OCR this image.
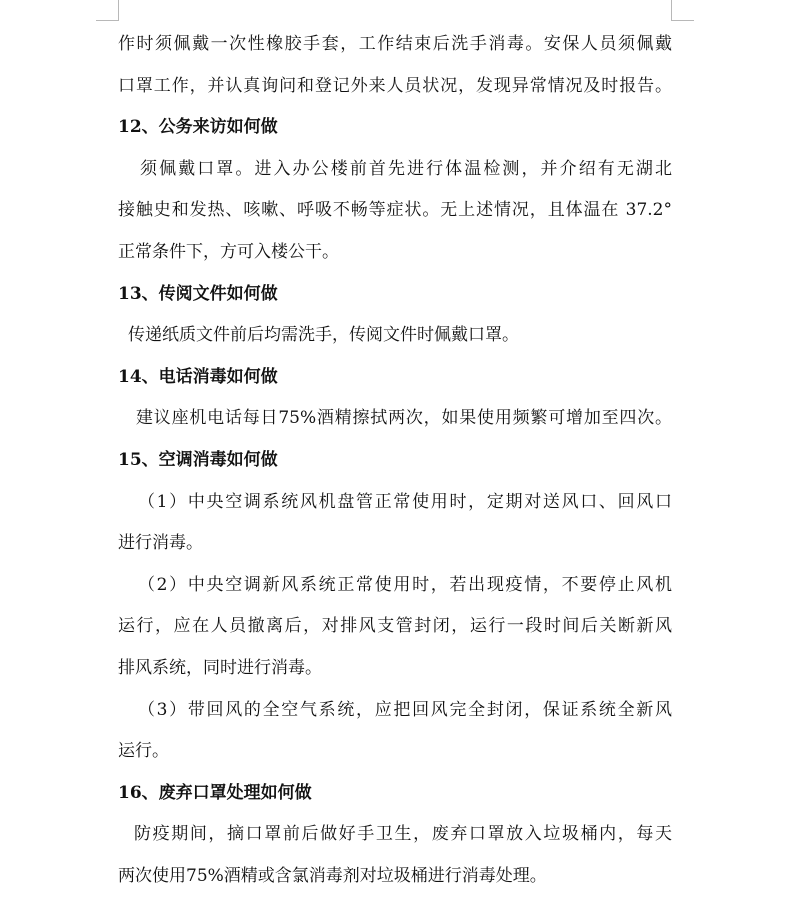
作时须佩戴一次性橡胶手套，工作结束后洗手消毒。安保人员须佩戴
口罩工作，并认真询问和登记外来人员状况，发现异常情况及时报告。
12、公务来访如何做
须佩戴口罩。进入办公楼前首先进行体温检测，并介绍有无湖北
接触史和发热、咳嗽、呼吸不畅等症状。无上述情况，且体温在 37.2°
正常条件下，方可入楼公干。
13、传阅文件如何做
传递纸质文件前后均需洗手，传阅文件时佩戴口罩。
14、电话消毒如何做
建议座机电话每日75%酒精擦拭两次，如果使用频繁可增加至四次。
15、空调消毒如何做
（1）中央空调系统风机盘管正常使用时，定期对送风口、回风口
进行消毒。
（2）中央空调新风系统正常使用时，若出现疫情，不要停止风机
运行，应在人员撤离后，对排风支管封闭，运行一段时间后关断新风
排风系统，同时进行消毒。
（3）带回风的全空气系统，应把回风完全封闭，保证系统全新风
运行。
16、废弃口罩处理如何做
防疫期间，摘口罩前后做好手卫生，废弃口罩放入垃圾桶内，每天
两次使用75%酒精或含氯消毒剂对垃圾桶进行消毒处理。
